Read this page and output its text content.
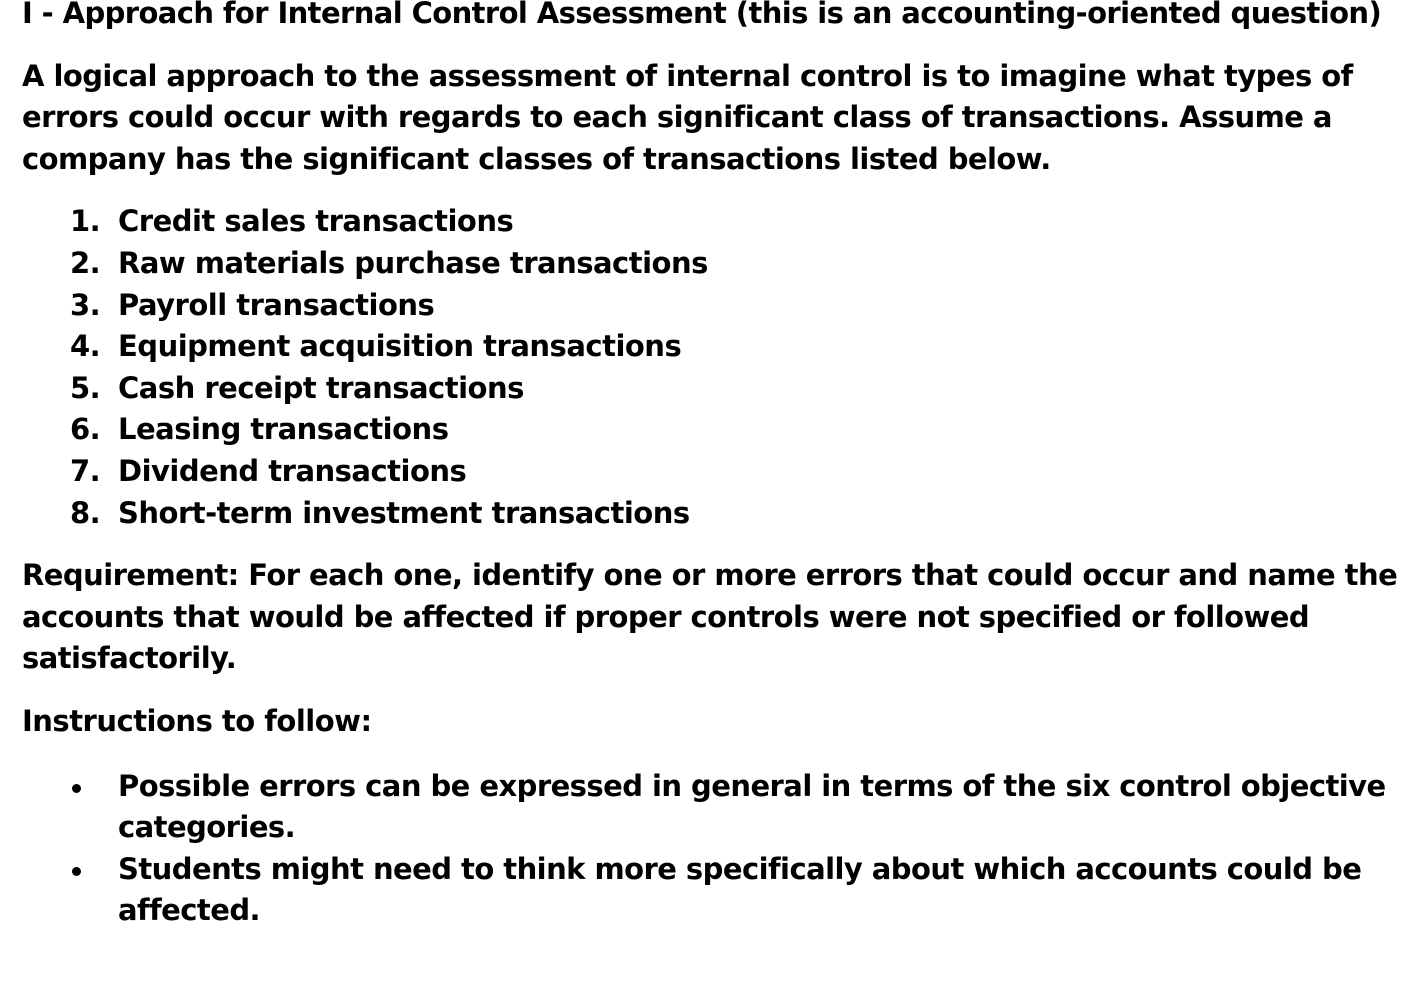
I - Approach for Internal Control Assessment (this is an accounting-oriented question)

A logical approach to the assessment of internal control is to imagine what types of errors could occur with regards to each significant class of transactions. Assume a company has the significant classes of transactions listed below.

1. Credit sales transactions
2. Raw materials purchase transactions
3. Payroll transactions
4. Equipment acquisition transactions
5. Cash receipt transactions
6. Leasing transactions
7. Dividend transactions
8. Short-term investment transactions

Requirement: For each one, identify one or more errors that could occur and name the accounts that would be affected if proper controls were not specified or followed satisfactorily.

Instructions to follow:

Possible errors can be expressed in general in terms of the six control objective categories.
Students might need to think more specifically about which accounts could be affected.
